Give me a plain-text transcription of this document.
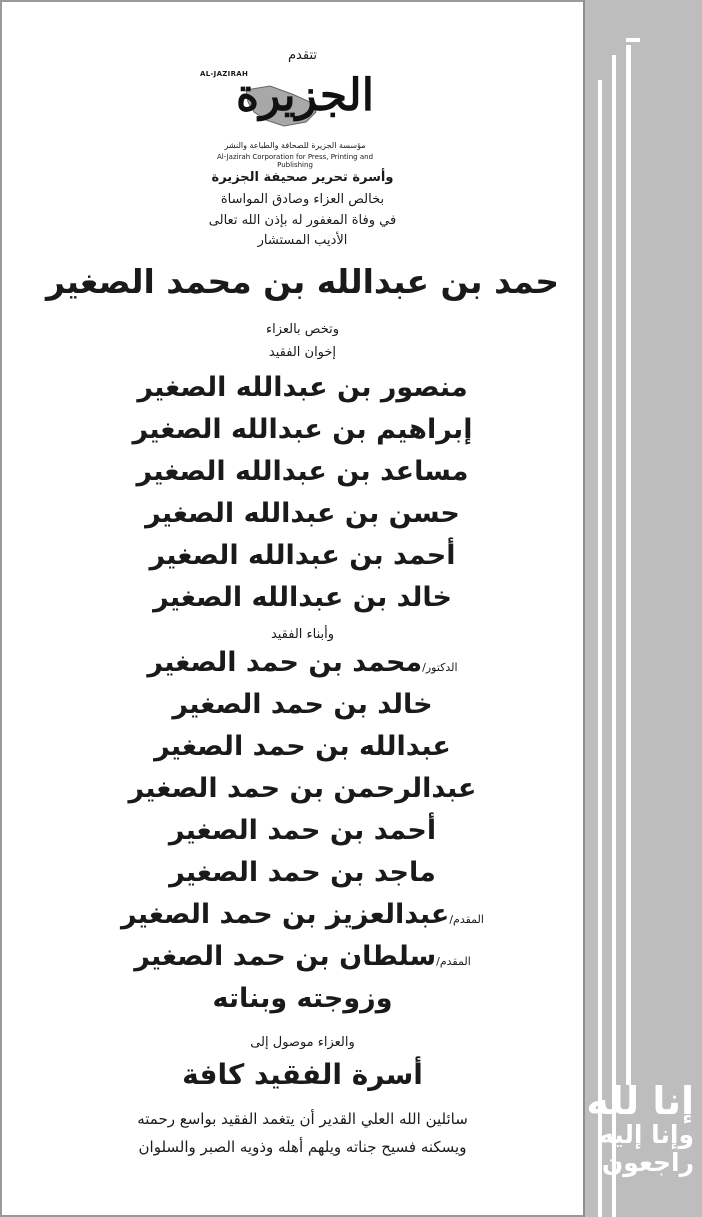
إنا لله
وإنا إليه
راجعون
تتقدم
الجزيرة
AL-JAZIRAH
مؤسسة الجزيرة للصحافة والطباعة والنشر
Al-Jazirah Corporation for Press, Printing and Publishing
وأسرة تحرير صحيفة الجزيرة
بخالص العزاء وصادق المواساة
في وفاة المغفور له بإذن الله تعالى
الأديب المستشار
حمد بن عبدالله بن محمد الصغير
وتخص بالعزاء
إخوان الفقيد
منصور بن عبدالله الصغير
إبراهيم بن عبدالله الصغير
مساعد بن عبدالله الصغير
حسن بن عبدالله الصغير
أحمد بن عبدالله الصغير
خالد بن عبدالله الصغير
وأبناء الفقيد
الدكتور/محمد بن حمد الصغير
خالد بن حمد الصغير
عبدالله بن حمد الصغير
عبدالرحمن بن حمد الصغير
أحمد بن حمد الصغير
ماجد بن حمد الصغير
المقدم/عبدالعزيز بن حمد الصغير
المقدم/سلطان بن حمد الصغير
وزوجته وبناته
والعزاء موصول إلى
أسرة الفقيد كافة
سائلين الله العلي القدير أن يتغمد الفقيد بواسع رحمته
ويسكنه فسيح جناته ويلهم أهله وذويه الصبر والسلوان
